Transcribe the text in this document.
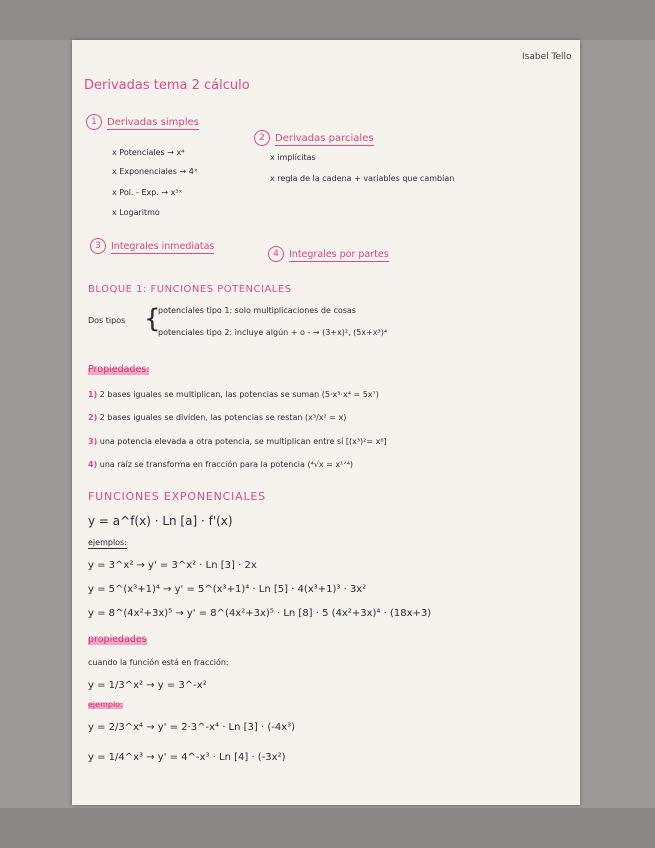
Isabel Tello
Derivadas tema 2 cálculo
1 Derivadas simples
2 Derivadas parciales
x Potenciales → x⁴
x Exponenciales → 4ˣ
x Pol. - Exp. → x³ˣ
x Logaritmo
x implícitas
x regla de la cadena + variables que cambian
3 Integrales inmediatas
4 Integrales por partes
BLOQUE 1: FUNCIONES POTENCIALES
Dos tipos {
potenciales tipo 1: solo multiplicaciones de cosas
potenciales tipo 2: incluye algún + o - → (3+x)², (5x+x³)⁴
Propiedades:
1) 2 bases iguales se multiplican, las potencias se suman (5·x³·x⁴ = 5x⁷)
2) 2 bases iguales se dividen, las potencias se restan (x³/x² = x)
3) una potencia elevada a otra potencia, se multiplican entre sí [(x³)²= x⁶]
4) una raíz se transforma en fracción para la potencia (⁴√x = x¹ᐟ⁴)
FUNCIONES EXPONENCIALES
y = a^f(x) · Ln [a] · f'(x)
ejemplos:
y = 3^x² → y' = 3^x² · Ln [3] · 2x
y = 5^(x³+1)⁴ → y' = 5^(x³+1)⁴ · Ln [5] · 4(x³+1)³ · 3x²
y = 8^(4x²+3x)⁵ → y' = 8^(4x²+3x)⁵ · Ln [8] · 5 (4x²+3x)⁴ · (18x+3)
propiedades
cuando la función está en fracción:
y = 1/3^x² → y = 3^-x²
ejemplo:
y = 2/3^x⁴ → y' = 2·3^-x⁴ · Ln [3] · (-4x³)
y = 1/4^x³ → y' = 4^-x³ · Ln [4] · (-3x²)
